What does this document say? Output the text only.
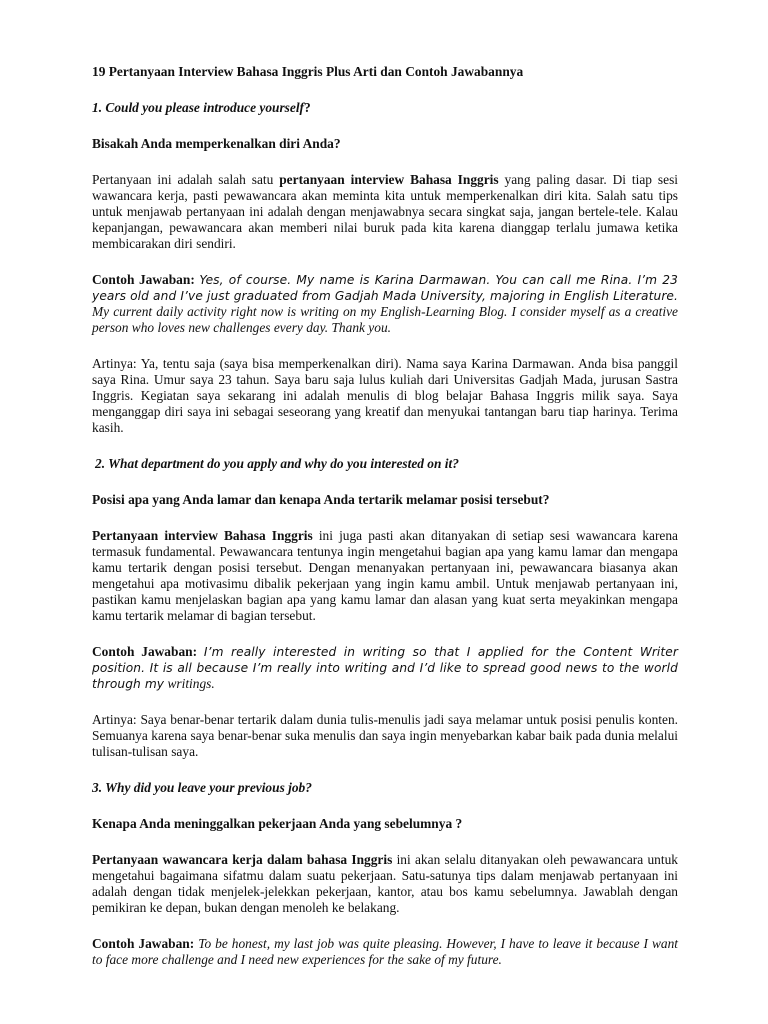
19 Pertanyaan Interview Bahasa Inggris Plus Arti dan Contoh Jawabannya

1. Could you please introduce yourself?

Bisakah Anda memperkenalkan diri Anda?

Pertanyaan ini adalah salah satu pertanyaan interview Bahasa Inggris yang paling dasar. Di tiap sesi wawancara kerja, pasti pewawancara akan meminta kita untuk memperkenalkan diri kita. Salah satu tips untuk menjawab pertanyaan ini adalah dengan menjawabnya secara singkat saja, jangan bertele-tele. Kalau kepanjangan, pewawancara akan memberi nilai buruk pada kita karena dianggap terlalu jumawa ketika membicarakan diri sendiri.

Contoh Jawaban: Yes, of course. My name is Karina Darmawan. You can call me Rina. I’m 23 years old and I’ve just graduated from Gadjah Mada University, majoring in English Literature. My current daily activity right now is writing on my English-Learning Blog. I consider myself as a creative person who loves new challenges every day. Thank you.

Artinya: Ya, tentu saja (saya bisa memperkenalkan diri). Nama saya Karina Darmawan. Anda bisa panggil saya Rina. Umur saya 23 tahun. Saya baru saja lulus kuliah dari Universitas Gadjah Mada, jurusan Sastra Inggris. Kegiatan saya sekarang ini adalah menulis di blog belajar Bahasa Inggris milik saya. Saya menganggap diri saya ini sebagai seseorang yang kreatif dan menyukai tantangan baru tiap harinya. Terima kasih.

2. What department do you apply and why do you interested on it?

Posisi apa yang Anda lamar dan kenapa Anda tertarik melamar posisi tersebut?

Pertanyaan interview Bahasa Inggris ini juga pasti akan ditanyakan di setiap sesi wawancara karena termasuk fundamental. Pewawancara tentunya ingin mengetahui bagian apa yang kamu lamar dan mengapa kamu tertarik dengan posisi tersebut. Dengan menanyakan pertanyaan ini, pewawancara biasanya akan mengetahui apa motivasimu dibalik pekerjaan yang ingin kamu ambil. Untuk menjawab pertanyaan ini, pastikan kamu menjelaskan bagian apa yang kamu lamar dan alasan yang kuat serta meyakinkan mengapa kamu tertarik melamar di bagian tersebut.

Contoh Jawaban: I’m really interested in writing so that I applied for the Content Writer position. It is all because I’m really into writing and I’d like to spread good news to the world through my writings.

Artinya: Saya benar-benar tertarik dalam dunia tulis-menulis jadi saya melamar untuk posisi penulis konten. Semuanya karena saya benar-benar suka menulis dan saya ingin menyebarkan kabar baik pada dunia melalui tulisan-tulisan saya.

3. Why did you leave your previous job?

Kenapa Anda meninggalkan pekerjaan Anda yang sebelumnya ?

Pertanyaan wawancara kerja dalam bahasa Inggris ini akan selalu ditanyakan oleh pewawancara untuk mengetahui bagaimana sifatmu dalam suatu pekerjaan. Satu-satunya tips dalam menjawab pertanyaan ini adalah dengan tidak menjelek-jelekkan pekerjaan, kantor, atau bos kamu sebelumnya. Jawablah dengan pemikiran ke depan, bukan dengan menoleh ke belakang.

Contoh Jawaban: To be honest, my last job was quite pleasing. However, I have to leave it because I want to face more challenge and I need new experiences for the sake of my future.
